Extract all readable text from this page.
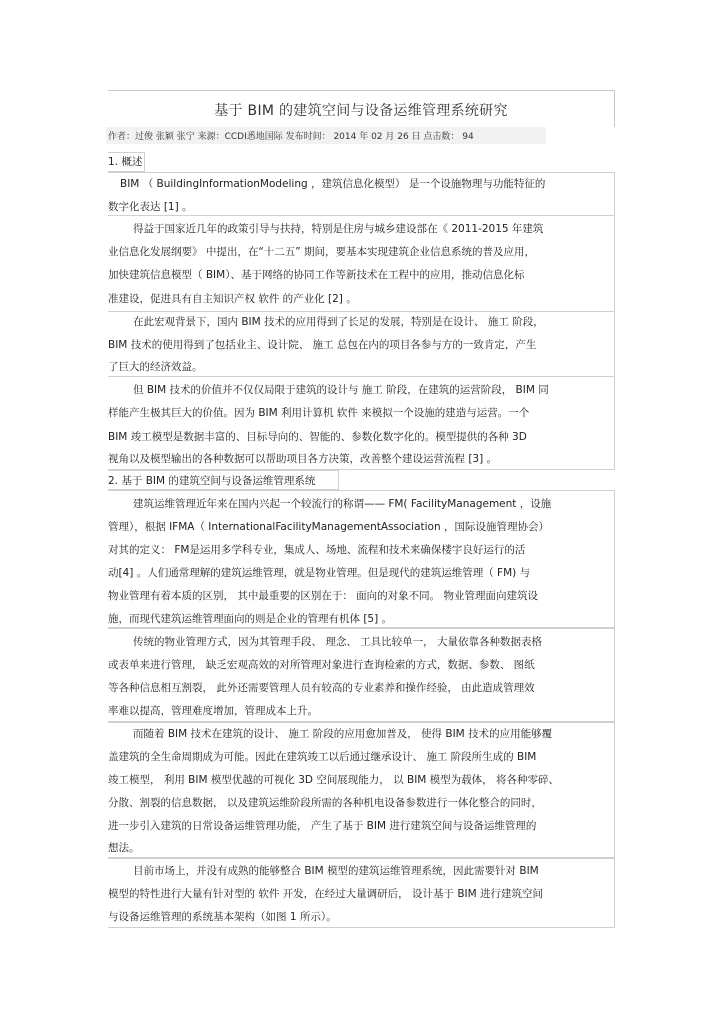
基于 BIM 的建筑空间与设备运维管理系统研究
作者：过俊 张颖 张宁 来源：CCDI悉地国际 发布时间： 2014 年 02 月 26 日 点击数： 94
1. 概述
BIM （ BuildingInformationModeling ，建筑信息化模型） 是一个设施物理与功能特征的
数字化表达 [1] 。
得益于国家近几年的政策引导与扶持，特别是住房与城乡建设部在《 2011-2015 年建筑
业信息化发展纲要》 中提出，在“十二五” 期间，要基本实现建筑企业信息系统的普及应用，
加快建筑信息模型（ BIM）、基于网络的协同工作等新技术在工程中的应用，推动信息化标
准建设，促进具有自主知识产权 软件 的产业化 [2] 。
在此宏观背景下，国内 BIM 技术的应用得到了长足的发展，特别是在设计、 施工 阶段，
BIM 技术的使用得到了包括业主、设计院、 施工 总包在内的项目各参与方的一致肯定，产生
了巨大的经济效益。
但 BIM 技术的价值并不仅仅局限于建筑的设计与 施工 阶段，在建筑的运营阶段， BIM 同
样能产生极其巨大的价值。因为 BIM 利用计算机 软件 来模拟一个设施的建造与运营。一个
BIM 竣工模型是数据丰富的、目标导向的、智能的、参数化数字化的。模型提供的各种 3D
视角以及模型输出的各种数据可以帮助项目各方决策，改善整个建设运营流程 [3] 。
2. 基于 BIM 的建筑空间与设备运维管理系统
建筑运维管理近年来在国内兴起一个较流行的称谓—— FM( FacilityManagement ，设施
管理），根据 IFMA（ InternationalFacilityManagementAssociation ，国际设施管理协会）
对其的定义： FM是运用多学科专业，集成人、场地、流程和技术来确保楼宇良好运行的活
动[4] 。人们通常理解的建筑运维管理，就是物业管理。但是现代的建筑运维管理（ FM) 与
物业管理有着本质的区别， 其中最重要的区别在于： 面向的对象不同。 物业管理面向建筑设
施，而现代建筑运维管理面向的则是企业的管理有机体 [5] 。
传统的物业管理方式，因为其管理手段、 理念、 工具比较单一， 大量依靠各种数据表格
或表单来进行管理， 缺乏宏观高效的对所管理对象进行查询检索的方式，数据、参数、 图纸
等各种信息相互割裂， 此外还需要管理人员有较高的专业素养和操作经验， 由此造成管理效
率难以提高，管理难度增加，管理成本上升。
而随着 BIM 技术在建筑的设计、 施工 阶段的应用愈加普及， 使得 BIM 技术的应用能够覆
盖建筑的全生命周期成为可能。因此在建筑竣工以后通过继承设计、 施工 阶段所生成的 BIM
竣工模型， 利用 BIM 模型优越的可视化 3D 空间展现能力， 以 BIM 模型为载体， 将各种零碎、
分散、割裂的信息数据， 以及建筑运维阶段所需的各种机电设备参数进行一体化整合的同时，
进一步引入建筑的日常设备运维管理功能， 产生了基于 BIM 进行建筑空间与设备运维管理的
想法。
目前市场上，并没有成熟的能够整合 BIM 模型的建筑运维管理系统，因此需要针对 BIM
模型的特性进行大量有针对型的 软件 开发，在经过大量调研后， 设计基于 BIM 进行建筑空间
与设备运维管理的系统基本架构（如图 1 所示）。
